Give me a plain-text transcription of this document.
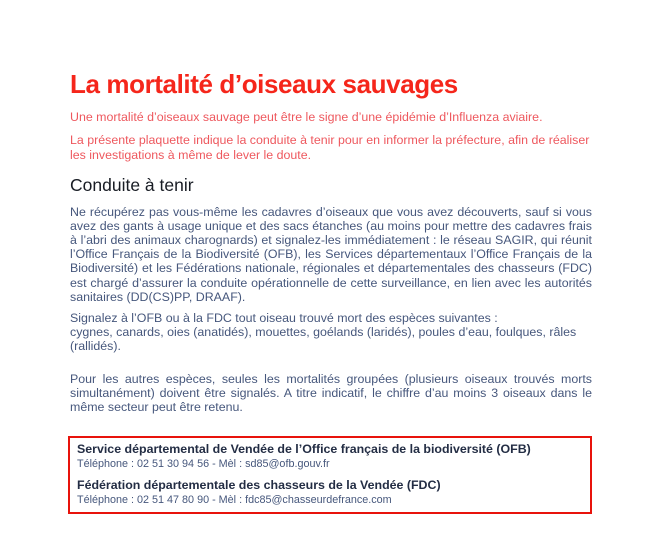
La mortalité d’oiseaux sauvages

Une mortalité d’oiseaux sauvage peut être le signe d’une épidémie d’Influenza aviaire.

La présente plaquette indique la conduite à tenir pour en informer la préfecture, afin de réaliser les investigations à même de lever le doute.

Conduite à tenir

Ne récupérez pas vous-même les cadavres d’oiseaux que vous avez découverts, sauf si vous avez des gants à usage unique et des sacs étanches (au moins pour mettre des cadavres frais à l’abri des animaux charognards) et signalez-les immédiatement : le réseau SAGIR, qui réunit l’Office Français de la Biodiversité (OFB), les Services départementaux l’Office Français de la Biodiversité) et les Fédérations nationale, régionales et départementales des chasseurs (FDC) est chargé d’assurer la conduite opérationnelle de cette surveillance, en lien avec les autorités sanitaires (DD(CS)PP, DRAAF).

Signalez à l’OFB ou à la FDC tout oiseau trouvé mort des espèces suivantes :

cygnes, canards, oies (anatidés), mouettes, goélands (laridés), poules d’eau, foulques, râles (rallidés).

Pour les autres espèces, seules les mortalités groupées (plusieurs oiseaux trouvés morts simultanément) doivent être signalés. A titre indicatif, le chiffre d’au moins 3 oiseaux dans le même secteur peut être retenu.

Service départemental de Vendée de l’Office français de la biodiversité (OFB)
Téléphone : 02 51 30 94 56 - Mèl : sd85@ofb.gouv.fr
Fédération départementale des chasseurs de la Vendée (FDC)
Téléphone : 02 51 47 80 90 - Mèl : fdc85@chasseurdefrance.com
